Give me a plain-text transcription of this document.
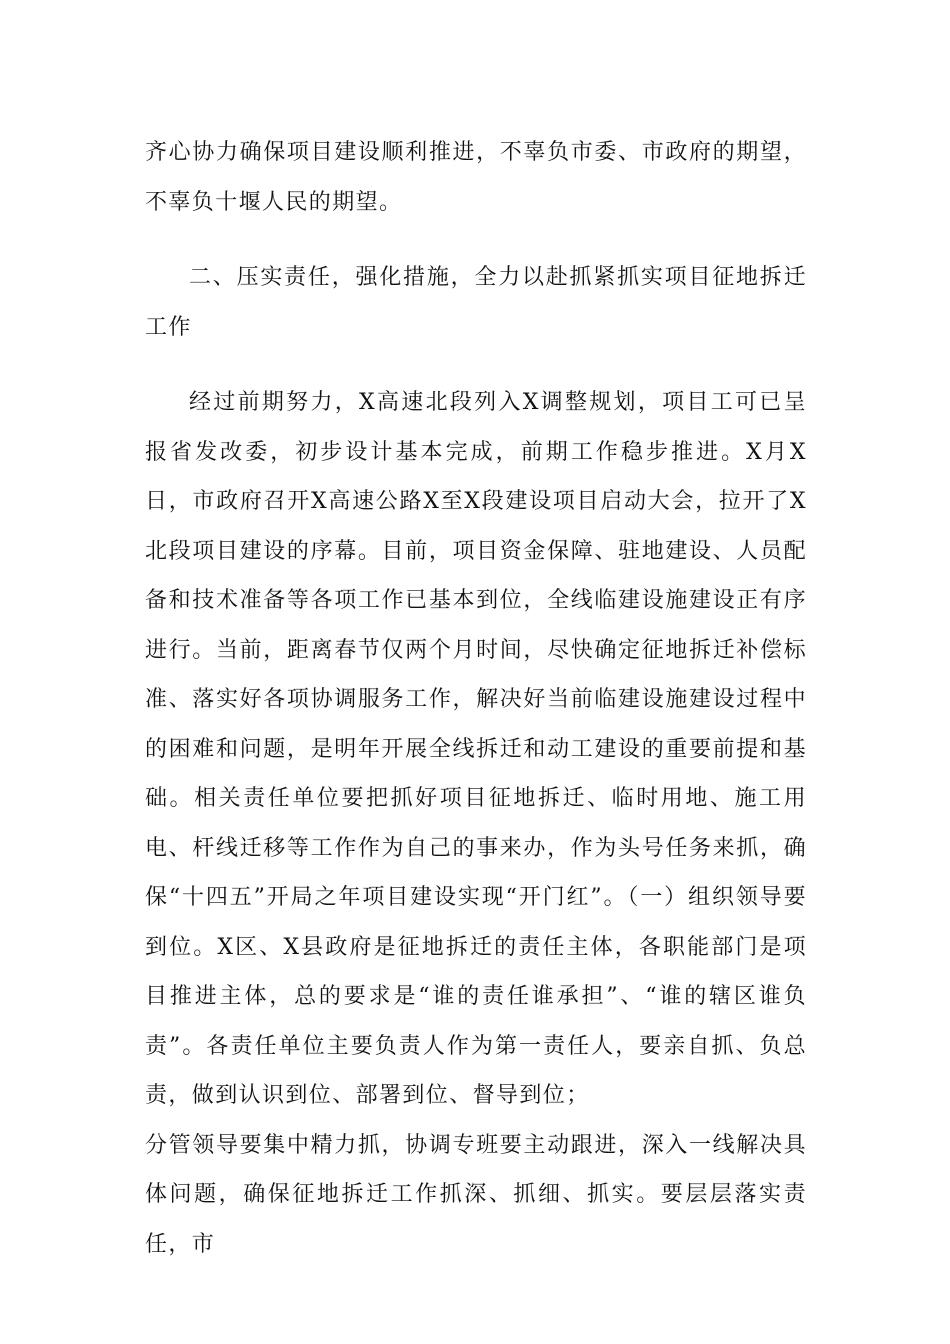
齐心协力确保项目建设顺利推进，不辜负市委、市政府的期望，不辜负十堰人民的期望。

二、压实责任，强化措施，全力以赴抓紧抓实项目征地拆迁工作

经过前期努力，X高速北段列入X调整规划，项目工可已呈报省发改委，初步设计基本完成，前期工作稳步推进。X月X日，市政府召开X高速公路X至X段建设项目启动大会，拉开了X北段项目建设的序幕。目前，项目资金保障、驻地建设、人员配备和技术准备等各项工作已基本到位，全线临建设施建设正有序进行。当前，距离春节仅两个月时间，尽快确定征地拆迁补偿标准、落实好各项协调服务工作，解决好当前临建设施建设过程中的困难和问题，是明年开展全线拆迁和动工建设的重要前提和基础。相关责任单位要把抓好项目征地拆迁、临时用地、施工用电、杆线迁移等工作作为自己的事来办，作为头号任务来抓，确保“十四五”开局之年项目建设实现“开门红”。（一）组织领导要到位。X区、X县政府是征地拆迁的责任主体，各职能部门是项目推进主体，总的要求是“谁的责任谁承担”、“谁的辖区谁负责”。各责任单位主要负责人作为第一责任人，要亲自抓、负总责，做到认识到位、部署到位、督导到位；

分管领导要集中精力抓，协调专班要主动跟进，深入一线解决具体问题，确保征地拆迁工作抓深、抓细、抓实。要层层落实责任，市
